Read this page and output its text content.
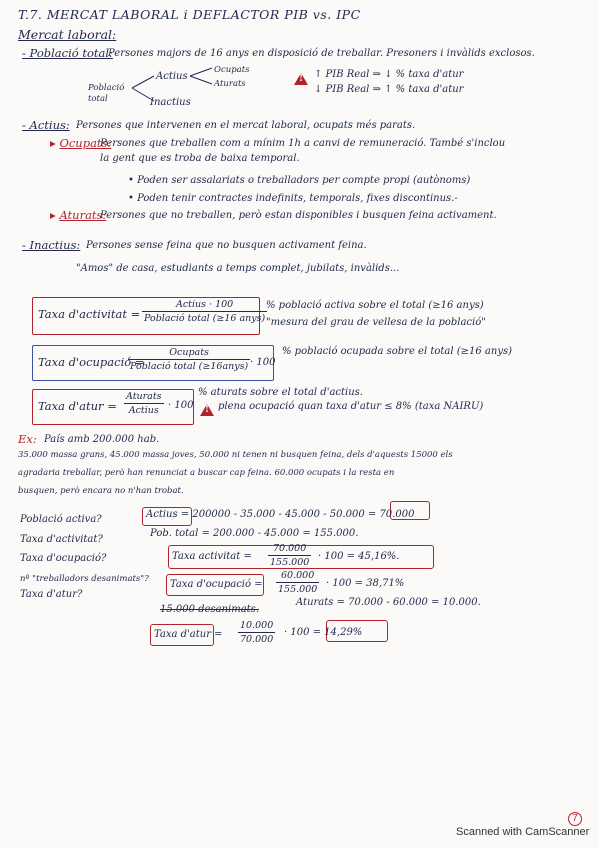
T.7. MERCAT LABORAL i DEFLACTOR PIB vs. IPC
Mercat laboral:
- Població total:
Persones majors de 16 anys en disposició de treballar. Presoners i invàlids exclosos.
Població total
Actius
Inactius
Ocupats
Aturats
!
↑ PIB Real ⇒ ↓ % taxa d'atur
↓ PIB Real ⇒ ↑ % taxa d'atur
- Actius: Persones que intervenen en el mercat laboral, ocupats més parats.
▸ Ocupats:
Persones que treballen com a mínim 1h a canvi de remuneració. També s'inclou
la gent que es troba de baixa temporal.
• Poden ser assalariats o treballadors per compte propi (autònoms)
• Poden tenir contractes indefinits, temporals, fixes discontinus.-
▸ Aturats:
Persones que no treballen, però estan disponibles i busquen feina activament.
- Inactius: Persones sense feina que no busquen activament feina.
"Amos" de casa, estudiants a temps complet, jubilats, invàlids...
Taxa d'activitat =
Actius · 100
Població total (≥16 anys)
% població activa sobre el total (≥16 anys)
"mesura del grau de vellesa de la població"
Taxa d'ocupació =
Ocupats
Població total (≥16anys) · 100
% població ocupada sobre el total (≥16 anys)
Taxa d'atur =
Aturats
Actius · 100
% aturats sobre el total d'actius.
!
plena ocupació quan taxa d'atur ≤ 8% (taxa NAIRU)
Ex: País amb 200.000 hab.
35.000 massa grans, 45.000 massa joves, 50.000 ni tenen ni busquen feina, dels d'aquests 15000 els
agradaria treballar, però han renunciat a buscar cap feina. 60.000 ocupats i la resta en
busquen, però encara no n'han trobat.
Població activa?
Taxa d'activitat?
Taxa d'ocupació?
nº "treballadors desanimats"?
Taxa d'atur?
Actius = 200000 - 35.000 - 45.000 - 50.000 = 70.000
Pob. total = 200.000 - 45.000 = 155.000.
Taxa activitat =
70.000
155.000
· 100 = 45,16%.
Taxa d'ocupació =
60.000
155.000
· 100 = 38,71%
15.000 desanimats.
Aturats = 70.000 - 60.000 = 10.000.
Taxa d'atur =
10.000
70.000
· 100 = 14,29%
7
Scanned with CamScanner
